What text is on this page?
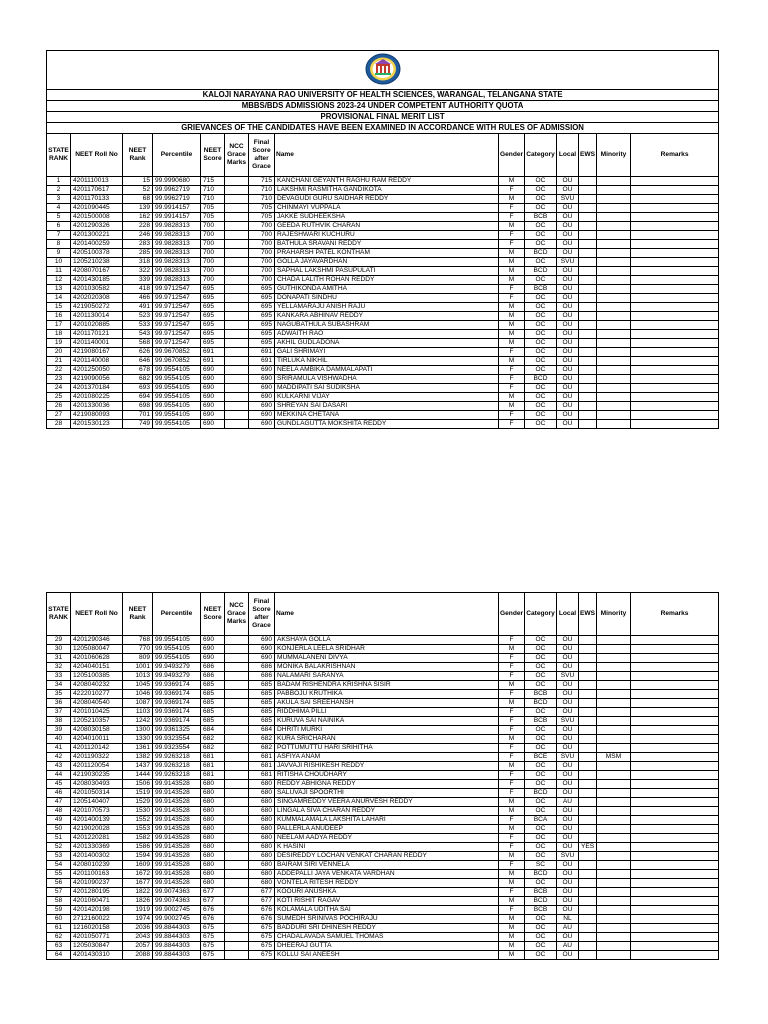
KALOJI NARAYANA RAO UNIVERSITY OF HEALTH SCIENCES, WARANGAL, TELANGANA STATE													
MBBS/BDS ADMISSIONS 2023-24 UNDER COMPETENT AUTHORITY QUOTA													
PROVISIONAL FINAL MERIT LIST													
GRIEVANCES OF THE CANDIDATES HAVE BEEN EXAMINED IN ACCORDANCE WITH RULES OF ADMISSION													
STATE RANK	NEET Roll No	NEET Rank	Percentile	NEET Score	NCC Grace Marks	Final Score after Grace	Name	Gender	Category	Local	EWS	Minority	Remarks
1	4201110013	15	99.9990680	715		715	KANCHANI GEYANTH RAGHU RAM REDDY	M	OC	OU			
2	4201170617	52	99.9962719	710		710	LAKSHMI RASMITHA GANDIKOTA	F	OC	OU			
3	4201170133	68	99.9962719	710		710	DEVAGUDI GURU SAIDHAR REDDY	M	OC	SVU			
4	4201090445	139	99.9914157	705		705	CHINMAYI VUPPALA	F	OC	OU			
5	4201500008	162	99.9914157	705		705	JAKKE SUDHEEKSHA	F	BCB	OU			
6	4201290326	228	99.9828313	700		700	GEEDA RUTHVIK CHARAN	M	OC	OU			
7	4201300221	246	99.9828313	700		700	RAJESHWARI KUCHURU	F	OC	OU			
8	4201400259	283	99.9828313	700		700	BATHULA SRAVANI REDDY	F	OC	OU			
9	4205100378	285	99.9828313	700		700	PRAHARSH PATEL KONTHAM	M	BCD	OU			
10	1205210238	318	99.9828313	700		700	GOLLA JAYAVARDHAN	M	OC	SVU			
11	4208070167	322	99.9828313	700		700	SAPHAL LAKSHMI PASUPULATI	M	BCD	OU			
12	4201430185	339	99.9828313	700		700	CHADA LALITH ROHAN REDDY	M	OC	OU			
13	4201030582	418	99.9712547	695		695	GUTHIKONDA AMITHA	F	BCB	OU			
14	4202020308	466	99.9712547	695		695	DONAPATI SINDHU	F	OC	OU			
15	4219050272	491	99.9712547	695		695	YELLAMARAJU ANISH RAJU	M	OC	OU			
16	4201130014	523	99.9712547	695		695	KANKARA ABHINAV REDDY	M	OC	OU			
17	4201020885	533	99.9712547	695		695	NAGUBATHULA SUBASHRAM	M	OC	OU			
18	4201170121	543	99.9712547	695		695	ADWAITH RAO	M	OC	OU			
19	4201140001	568	99.9712547	695		695	AKHIL GUDLADONA	M	OC	OU			
20	4219080167	626	99.9670852	691		691	GALI SHRIMAYI	F	OC	OU			
21	4201140008	646	99.9670852	691		691	TIRLUKA NIKHIL	M	OC	OU			
22	4201250050	678	99.9554105	690		690	NEELA AMBIKA DAMMALAPATI	F	OC	OU			
23	4219090056	682	99.9554105	690		690	SRIRAMULA VISHWADHA	F	BCD	OU			
24	4201370184	693	99.9554105	690		690	MADDIPATI SAI SUDIKSHA	F	OC	OU			
25	4201080225	694	99.9554105	690		690	KULKARNI VIJAY	M	OC	OU			
26	4201330036	698	99.9554105	690		690	SHREYAN SAI DASARI	M	OC	OU			
27	4219080093	701	99.9554105	690		690	MEKKINA CHETANA	F	OC	OU			
28	4201530123	749	99.9554105	690		690	GUNDLAGUTTA MOKSHITA REDDY	F	OC	OU			
STATE RANK	NEET Roll No	NEET Rank	Percentile	NEET Score	NCC Grace Marks	Final Score after Grace	Name	Gender	Category	Local	EWS	Minority	Remarks
29	4201290346	768	99.9554105	690		690	AKSHAYA GOLLA	F	OC	OU			
30	1205080047	770	99.9554105	690		690	KONJERLA LEELA SRIDHAR	M	OC	OU			
31	4201060628	809	99.9554105	690		690	MUMMALANENI DIVYA	F	OC	OU			
32	4204040151	1001	99.9493279	686		686	MONIKA BALAKRISHNAN	F	OC	OU			
33	1205100385	1013	99.9493279	686		686	NALAMARI SARANYA	F	OC	SVU			
34	4208040232	1045	99.9369174	685		685	BADAM RISHENDRA KRISHNA SISIR	M	OC	OU			
35	4222010277	1046	99.9369174	685		685	PABBOJU KRUTHIKA	F	BCB	OU			
36	4208040540	1087	99.9369174	685		685	AKULA SAI SREEHANSH	M	BCD	OU			
37	4201010425	1103	99.9369174	685		685	RIDDHIMA PILLI	F	OC	OU			
38	1205210357	1242	99.9369174	685		685	KURUVA SAI NAINIKA	F	BCB	SVU			
39	4208030158	1300	99.9361325	684		684	DHRITI MURKI	F	OC	OU			
40	4204010011	1330	99.9323554	682		682	KURA SRICHARAN	M	OC	OU			
41	4201120142	1361	99.9323554	682		682	POTTUMUTTU HARI SRIHITHA	F	OC	OU			
42	4201190322	1382	99.9263218	681		681	ASFIYA ANAM	F	BCE	SVU		MSM	
43	4201120054	1437	99.9263218	681		681	JAVVAJI RISHIKESH REDDY	M	OC	OU			
44	4219030235	1444	99.9263218	681		681	RITISHA CHOUDHARY	F	OC	OU			
45	4208030493	1506	99.9143528	680		680	REDDY ABHIGNA REDDY	F	OC	OU			
46	4201050314	1519	99.9143528	680		680	SALUVAJI SPOORTHI	F	BCD	OU			
47	1205140407	1529	99.9143528	680		680	SINGAMREDDY VEERA ANURVESH REDDY	M	OC	AU			
48	4201070573	1530	99.9143528	680		680	LINGALA SIVA CHARAN REDDY	M	OC	OU			
49	4201400139	1552	99.9143528	680		680	KUMMALAMALA LAKSHITA LAHARI	F	BCA	OU			
50	4219020028	1553	99.9143528	680		680	PALLERLA ANUDEEP	M	OC	OU			
51	4201220281	1582	99.9143528	680		680	NEELAM AADYA REDDY	F	OC	OU			
52	4201330369	1586	99.9143528	680		680	K HASINI	F	OC	OU	YES		
53	4201400302	1594	99.9143528	680		680	DESIREDDY LOCHAN VENKAT CHARAN REDDY	M	OC	SVU			
54	4208010239	1609	99.9143528	680		680	BAIRAM SIRI VENNELA	F	SC	OU			
55	4201100163	1672	99.9143528	680		680	ADDEPALLI JAYA VENKATA VARDHAN	M	BCD	OU			
56	4201090237	1677	99.9143528	680		680	VONTELA RITESH REDDY	M	OC	OU			
57	4201280195	1822	99.9074363	677		677	KOOURI ANUSHKA	F	BCB	OU			
58	4201060471	1826	99.9074363	677		677	KOTI RISHIT RAGAV	M	BCD	OU			
59	4201420198	1919	99.9002745	676		676	KOLAMALA UDITHA SAI	F	BCB	OU			
60	2712160022	1974	99.9002745	676		676	SUMEDH SRINIVAS POCHIRAJU	M	OC	NL			
61	1216020158	2036	99.8844303	675		675	BADDURI SRI DHINESH REDDY	M	OC	AU			
62	4201050771	2043	99.8844303	675		675	CHADALAVADA SAMUEL THOMAS	M	OC	OU			
63	1205030847	2057	99.8844303	675		675	DHEERAJ GUTTA	M	OC	AU			
64	4201430310	2088	99.8844303	675		675	KOLLU SAI ANEESH	M	OC	OU			
